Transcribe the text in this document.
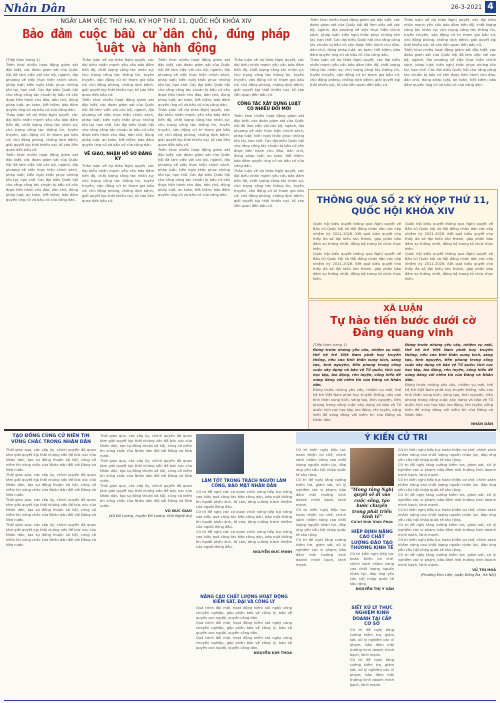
Nhân Dân	26-3-2021 4
NGÀY LÀM VIỆC THỨ HAI, KỲ HỌP THỨ 11, QUỐC HỘI KHÓA XIV
Bảo đảm cuộc bầu cử dân chủ, đúng pháp luật và hành động
(Tiếp theo trang 1)
Triển khai nhiều hoạt động giám sát đặc biệt, các đoàn giám sát của Quốc hội đã làm việc với các bộ, ngành, địa phương về việc thực hiện chính sách, pháp luật; kiến nghị khắc phục những tồn tại, hạn chế. Các đại biểu Quốc hội cho rằng công tác chuẩn bị bầu cử cần được tiến hành chu đáo, dân chủ, đúng pháp luật, an toàn, tiết kiệm; bảo đảm quyền ứng cử và bầu cử của công dân.
Thảo luận về dự thảo Nghị quyết, các đại biểu nhấn mạnh yêu cầu bảo đảm tiến độ, chất lượng công tác nhân sự; chú trọng công tác thông tin, tuyên truyền, vận động cử tri tham gia bầu cử; chủ động phòng, chống dịch bệnh; giải quyết kịp thời khiếu nại, tố cáo liên quan đến bầu cử.
Triển khai nhiều hoạt động giám sát đặc biệt, các đoàn giám sát của Quốc hội đã làm việc với các bộ, ngành, địa phương về việc thực hiện chính sách, pháp luật; kiến nghị khắc phục những tồn tại, hạn chế. Các đại biểu Quốc hội cho rằng công tác chuẩn bị bầu cử cần được tiến hành chu đáo, dân chủ, đúng pháp luật, an toàn, tiết kiệm; bảo đảm quyền ứng cử và bầu cử của công dân.
Thảo luận về dự thảo Nghị quyết, các đại biểu nhấn mạnh yêu cầu bảo đảm tiến độ, chất lượng công tác nhân sự; chú trọng công tác thông tin, tuyên truyền, vận động cử tri tham gia bầu cử; chủ động phòng, chống dịch bệnh; giải quyết kịp thời khiếu nại, tố cáo liên quan đến bầu cử.
Triển khai nhiều hoạt động giám sát đặc biệt, các đoàn giám sát của Quốc hội đã làm việc với các bộ, ngành, địa phương về việc thực hiện chính sách, pháp luật; kiến nghị khắc phục những tồn tại, hạn chế. Các đại biểu Quốc hội cho rằng công tác chuẩn bị bầu cử cần được tiến hành chu đáo, dân chủ, đúng pháp luật, an toàn, tiết kiệm; bảo đảm quyền ứng cử và bầu cử của công dân.
VỀ GIAO, NHẬN HỒ SƠ ĐĂNG KÝ
Thảo luận về dự thảo Nghị quyết, các đại biểu nhấn mạnh yêu cầu bảo đảm tiến độ, chất lượng công tác nhân sự; chú trọng công tác thông tin, tuyên truyền, vận động cử tri tham gia bầu cử; chủ động phòng, chống dịch bệnh; giải quyết kịp thời khiếu nại, tố cáo liên quan đến bầu cử.
Triển khai nhiều hoạt động giám sát đặc biệt, các đoàn giám sát của Quốc hội đã làm việc với các bộ, ngành, địa phương về việc thực hiện chính sách, pháp luật; kiến nghị khắc phục những tồn tại, hạn chế. Các đại biểu Quốc hội cho rằng công tác chuẩn bị bầu cử cần được tiến hành chu đáo, dân chủ, đúng pháp luật, an toàn, tiết kiệm; bảo đảm quyền ứng cử và bầu cử của công dân.
Thảo luận về dự thảo Nghị quyết, các đại biểu nhấn mạnh yêu cầu bảo đảm tiến độ, chất lượng công tác nhân sự; chú trọng công tác thông tin, tuyên truyền, vận động cử tri tham gia bầu cử; chủ động phòng, chống dịch bệnh; giải quyết kịp thời khiếu nại, tố cáo liên quan đến bầu cử.
Triển khai nhiều hoạt động giám sát đặc biệt, các đoàn giám sát của Quốc hội đã làm việc với các bộ, ngành, địa phương về việc thực hiện chính sách, pháp luật; kiến nghị khắc phục những tồn tại, hạn chế. Các đại biểu Quốc hội cho rằng công tác chuẩn bị bầu cử cần được tiến hành chu đáo, dân chủ, đúng pháp luật, an toàn, tiết kiệm; bảo đảm quyền ứng cử và bầu cử của công dân.
Thảo luận về dự thảo Nghị quyết, các đại biểu nhấn mạnh yêu cầu bảo đảm tiến độ, chất lượng công tác nhân sự; chú trọng công tác thông tin, tuyên truyền, vận động cử tri tham gia bầu cử; chủ động phòng, chống dịch bệnh; giải quyết kịp thời khiếu nại, tố cáo liên quan đến bầu cử.
CÔNG TÁC XÂY DỰNG LUẬT CÓ NHIỀU ĐỔI MỚI
Triển khai nhiều hoạt động giám sát đặc biệt, các đoàn giám sát của Quốc hội đã làm việc với các bộ, ngành, địa phương về việc thực hiện chính sách, pháp luật; kiến nghị khắc phục những tồn tại, hạn chế. Các đại biểu Quốc hội cho rằng công tác chuẩn bị bầu cử cần được tiến hành chu đáo, dân chủ, đúng pháp luật, an toàn, tiết kiệm; bảo đảm quyền ứng cử và bầu cử của công dân.
Thảo luận về dự thảo Nghị quyết, các đại biểu nhấn mạnh yêu cầu bảo đảm tiến độ, chất lượng công tác nhân sự; chú trọng công tác thông tin, tuyên truyền, vận động cử tri tham gia bầu cử; chủ động phòng, chống dịch bệnh; giải quyết kịp thời khiếu nại, tố cáo liên quan đến bầu cử.
Triển khai nhiều hoạt động giám sát đặc biệt, các đoàn giám sát của Quốc hội đã làm việc với các bộ, ngành, địa phương về việc thực hiện chính sách, pháp luật; kiến nghị khắc phục những tồn tại, hạn chế. Các đại biểu Quốc hội cho rằng công tác chuẩn bị bầu cử cần được tiến hành chu đáo, dân chủ, đúng pháp luật, an toàn, tiết kiệm; bảo đảm quyền ứng cử và bầu cử của công dân.
Thảo luận về dự thảo Nghị quyết, các đại biểu nhấn mạnh yêu cầu bảo đảm tiến độ, chất lượng công tác nhân sự; chú trọng công tác thông tin, tuyên truyền, vận động cử tri tham gia bầu cử; chủ động phòng, chống dịch bệnh; giải quyết kịp thời khiếu nại, tố cáo liên quan đến bầu cử.
Thảo luận về dự thảo Nghị quyết, các đại biểu nhấn mạnh yêu cầu bảo đảm tiến độ, chất lượng công tác nhân sự; chú trọng công tác thông tin, tuyên truyền, vận động cử tri tham gia bầu cử; chủ động phòng, chống dịch bệnh; giải quyết kịp thời khiếu nại, tố cáo liên quan đến bầu cử.
Triển khai nhiều hoạt động giám sát đặc biệt, các đoàn giám sát của Quốc hội đã làm việc với các bộ, ngành, địa phương về việc thực hiện chính sách, pháp luật; kiến nghị khắc phục những tồn tại, hạn chế. Các đại biểu Quốc hội cho rằng công tác chuẩn bị bầu cử cần được tiến hành chu đáo, dân chủ, đúng pháp luật, an toàn, tiết kiệm; bảo đảm quyền ứng cử và bầu cử của công dân.
THÔNG QUA SỐ 2 KỲ HỌP THỨ 11, QUỐC HỘI KHÓA XIV
Quốc hội biểu quyết thông qua Nghị quyết về Bầu cử Quốc hội và Hội đồng nhân dân các cấp nhiệm kỳ 2021-2026. Kết quả biểu quyết cho thấy đa số đại biểu tán thành, góp phần bảo đảm sự thống nhất, đồng bộ trong tổ chức thực hiện.
Quốc hội biểu quyết thông qua Nghị quyết về Bầu cử Quốc hội và Hội đồng nhân dân các cấp nhiệm kỳ 2021-2026. Kết quả biểu quyết cho thấy đa số đại biểu tán thành, góp phần bảo đảm sự thống nhất, đồng bộ trong tổ chức thực hiện.
Quốc hội biểu quyết thông qua Nghị quyết về Bầu cử Quốc hội và Hội đồng nhân dân các cấp nhiệm kỳ 2021-2026. Kết quả biểu quyết cho thấy đa số đại biểu tán thành, góp phần bảo đảm sự thống nhất, đồng bộ trong tổ chức thực hiện.
Quốc hội biểu quyết thông qua Nghị quyết về Bầu cử Quốc hội và Hội đồng nhân dân các cấp nhiệm kỳ 2021-2026. Kết quả biểu quyết cho thấy đa số đại biểu tán thành, góp phần bảo đảm sự thống nhất, đồng bộ trong tổ chức thực hiện.
XÃ LUẬN
Tự hào tiến bước dưới cờ Đảng quang vinh
(Tiếp theo trang 1)
Đứng trước những yêu cầu, nhiệm vụ mới, thế hệ trẻ Việt Nam phát huy truyền thống, nêu cao tinh thần xung kích, sáng tạo, tình nguyện, tiên phong trong công cuộc xây dựng và bảo vệ Tổ quốc; tích cực học tập, lao động, rèn luyện, cống hiến để xứng đáng với niềm tin của Đảng và Nhân dân.
Đứng trước những yêu cầu, nhiệm vụ mới, thế hệ trẻ Việt Nam phát huy truyền thống, nêu cao tinh thần xung kích, sáng tạo, tình nguyện, tiên phong trong công cuộc xây dựng và bảo vệ Tổ quốc; tích cực học tập, lao động, rèn luyện, cống hiến để xứng đáng với niềm tin của Đảng và Nhân dân.
Đứng trước những yêu cầu, nhiệm vụ mới, thế hệ trẻ Việt Nam phát huy truyền thống, nêu cao tinh thần xung kích, sáng tạo, tình nguyện, tiên phong trong công cuộc xây dựng và bảo vệ Tổ quốc; tích cực học tập, lao động, rèn luyện, cống hiến để xứng đáng với niềm tin của Đảng và Nhân dân.
Đứng trước những yêu cầu, nhiệm vụ mới, thế hệ trẻ Việt Nam phát huy truyền thống, nêu cao tinh thần xung kích, sáng tạo, tình nguyện, tiên phong trong công cuộc xây dựng và bảo vệ Tổ quốc; tích cực học tập, lao động, rèn luyện, cống hiến để xứng đáng với niềm tin của Đảng và Nhân dân.
NHÂN DÂN
TẠO ĐỒNG CÙNG CỬ NIÊN TIN VỮNG CHẮC TRONG NHÂN DÂN
Thời gian qua, các cấp ủy, chính quyền đã quan tâm giải quyết kịp thời những vấn đề bức xúc của Nhân dân, tạo sự đồng thuận xã hội, củng cố niềm tin vững chắc của Nhân dân đối với Đảng và Nhà nước.
Thời gian qua, các cấp ủy, chính quyền đã quan tâm giải quyết kịp thời những vấn đề bức xúc của Nhân dân, tạo sự đồng thuận xã hội, củng cố niềm tin vững chắc của Nhân dân đối với Đảng và Nhà nước.
Thời gian qua, các cấp ủy, chính quyền đã quan tâm giải quyết kịp thời những vấn đề bức xúc của Nhân dân, tạo sự đồng thuận xã hội, củng cố niềm tin vững chắc của Nhân dân đối với Đảng và Nhà nước.
Thời gian qua, các cấp ủy, chính quyền đã quan tâm giải quyết kịp thời những vấn đề bức xúc của Nhân dân, tạo sự đồng thuận xã hội, củng cố niềm tin vững chắc của Nhân dân đối với Đảng và Nhà nước.
Thời gian qua, các cấp ủy, chính quyền đã quan tâm giải quyết kịp thời những vấn đề bức xúc của Nhân dân, tạo sự đồng thuận xã hội, củng cố niềm tin vững chắc của Nhân dân đối với Đảng và Nhà nước.
Thời gian qua, các cấp ủy, chính quyền đã quan tâm giải quyết kịp thời những vấn đề bức xúc của Nhân dân, tạo sự đồng thuận xã hội, củng cố niềm tin vững chắc của Nhân dân đối với Đảng và Nhà nước.
Thời gian qua, các cấp ủy, chính quyền đã quan tâm giải quyết kịp thời những vấn đề bức xúc của Nhân dân, tạo sự đồng thuận xã hội, củng cố niềm tin vững chắc của Nhân dân đối với Đảng và Nhà nước.
VŨ ĐỨC GIAO
(Xã Đô Lương, huyện Đô Lương, tỉnh Nghệ An)
LÀM TỐT TRONG TRÁCH NGƯỜI LÀM CÔNG, BẢO MẬT NHÂN DÂN
Cử tri đề nghị các cơ quan chức năng tiếp tục nâng cao hiệu quả công tác tiếp công dân, bảo mật thông tin người phản ánh, tố cáo; tăng cường trách nhiệm của người đứng đầu.
Cử tri đề nghị các cơ quan chức năng tiếp tục nâng cao hiệu quả công tác tiếp công dân, bảo mật thông tin người phản ánh, tố cáo; tăng cường trách nhiệm của người đứng đầu.
Cử tri đề nghị các cơ quan chức năng tiếp tục nâng cao hiệu quả công tác tiếp công dân, bảo mật thông tin người phản ánh, tố cáo; tăng cường trách nhiệm của người đứng đầu.
NGUYỄN ĐỨC MINH
NÂNG CAO CHẤT LƯỢNG HOẠT ĐỘNG KIỂM SÁT, ĐẠI VÀ CÔNG LÝ
Quá trình đổi mới, hoạt động kiểm sát ngày càng chuyên nghiệp, góp phần bảo vệ công lý, bảo vệ quyền con người, quyền công dân.
Quá trình đổi mới, hoạt động kiểm sát ngày càng chuyên nghiệp, góp phần bảo vệ công lý, bảo vệ quyền con người, quyền công dân.
Quá trình đổi mới, hoạt động kiểm sát ngày càng chuyên nghiệp, góp phần bảo vệ công lý, bảo vệ quyền con người, quyền công dân.
NGUYỄN KIM THOA
Ý KIẾN CỬ TRI
Cử tri kiến nghị tiếp tục hoàn thiện cơ chế, chính sách nhằm nâng cao chất lượng nguồn nhân lực, đáp ứng yêu cầu hội nhập quốc tế sâu rộng.
Cử tri đề nghị tăng cường kiểm tra, giám sát, xử lý nghiêm các vi phạm; bảo đảm môi trường kinh doanh minh bạch, lành mạnh.
Cử tri kiến nghị tiếp tục hoàn thiện cơ chế, chính sách nhằm nâng cao chất lượng nguồn nhân lực, đáp ứng yêu cầu hội nhập quốc tế sâu rộng.
Cử tri đề nghị tăng cường kiểm tra, giám sát, xử lý nghiêm các vi phạm; bảo đảm môi trường kinh doanh minh bạch, lành mạnh.
"Mong rằng Nghị quyết sẽ đi vào cuộc sống, tạo bước chuyển trong phát triển kinh tế"
Cử tri tỉnh Vĩnh Phúc
HIỆP ĐỊNH NÂNG CAO CHẤT LƯỢNG ĐÀO TẠO THƯƠNG KINH TẾ
Cử tri kiến nghị tiếp tục hoàn thiện cơ chế, chính sách nhằm nâng cao chất lượng nguồn nhân lực, đáp ứng yêu cầu hội nhập quốc tế sâu rộng.
NGUYỄN THỊ Y VÂN
SIẾT XỬ LÝ THỰC NGHIỆM KINH DOANH TẠI CẤP CƠ SỞ
Cử tri đề nghị tăng cường kiểm tra, giám sát, xử lý nghiêm các vi phạm; bảo đảm môi trường kinh doanh minh bạch, lành mạnh.
Cử tri đề nghị tăng cường kiểm tra, giám sát, xử lý nghiêm các vi phạm; bảo đảm môi trường kinh doanh minh bạch, lành mạnh.
Cử tri kiến nghị tiếp tục hoàn thiện cơ chế, chính sách nhằm nâng cao chất lượng nguồn nhân lực, đáp ứng yêu cầu hội nhập quốc tế sâu rộng.
Cử tri đề nghị tăng cường kiểm tra, giám sát, xử lý nghiêm các vi phạm; bảo đảm môi trường kinh doanh minh bạch, lành mạnh.
Cử tri kiến nghị tiếp tục hoàn thiện cơ chế, chính sách nhằm nâng cao chất lượng nguồn nhân lực, đáp ứng yêu cầu hội nhập quốc tế sâu rộng.
Cử tri đề nghị tăng cường kiểm tra, giám sát, xử lý nghiêm các vi phạm; bảo đảm môi trường kinh doanh minh bạch, lành mạnh.
Cử tri kiến nghị tiếp tục hoàn thiện cơ chế, chính sách nhằm nâng cao chất lượng nguồn nhân lực, đáp ứng yêu cầu hội nhập quốc tế sâu rộng.
Cử tri đề nghị tăng cường kiểm tra, giám sát, xử lý nghiêm các vi phạm; bảo đảm môi trường kinh doanh minh bạch, lành mạnh.
Cử tri kiến nghị tiếp tục hoàn thiện cơ chế, chính sách nhằm nâng cao chất lượng nguồn nhân lực, đáp ứng yêu cầu hội nhập quốc tế sâu rộng.
Cử tri đề nghị tăng cường kiểm tra, giám sát, xử lý nghiêm các vi phạm; bảo đảm môi trường kinh doanh minh bạch, lành mạnh.
VŨ THỊ HOÀ
(Phường Kim Liên, quận Đống Đa, Hà Nội)
